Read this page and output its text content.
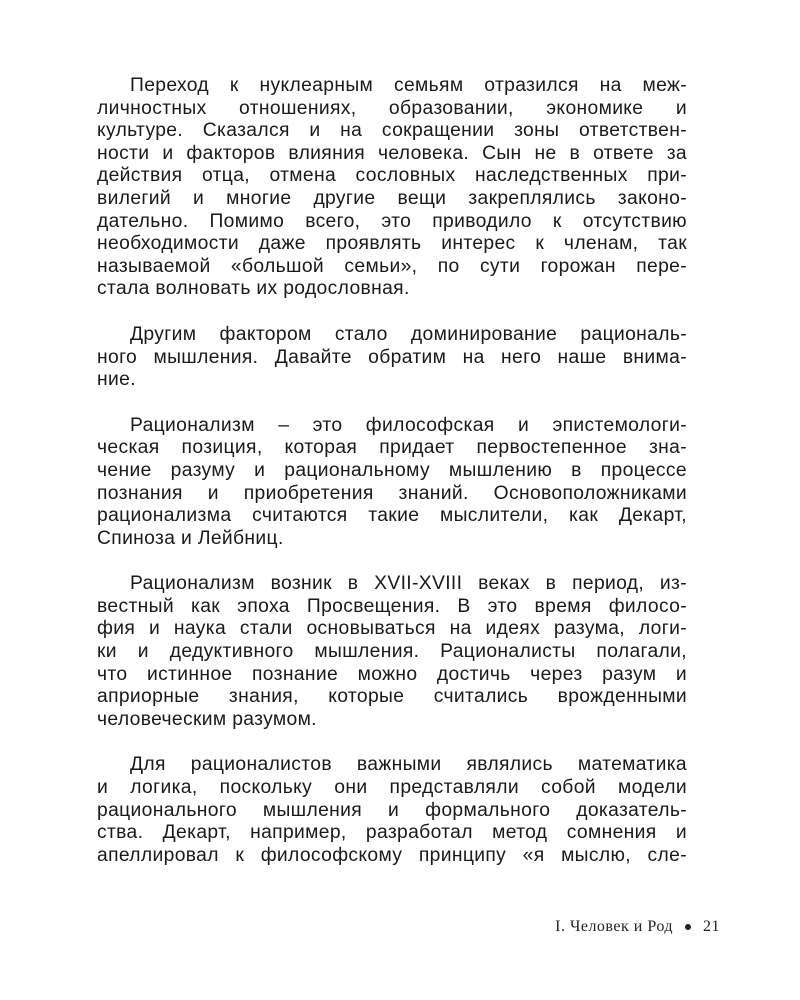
Переход к нуклеарным семьям отразился на меж-
личностных отношениях, образовании, экономике и
культуре. Сказался и на сокращении зоны ответствен-
ности и факторов влияния человека. Сын не в ответе за
действия отца, отмена сословных наследственных при-
вилегий и многие другие вещи закреплялись законо-
дательно. Помимо всего, это приводило к отсутствию
необходимости даже проявлять интерес к членам, так
называемой «большой семьи», по сути горожан пере-
стала волновать их родословная.
Другим фактором стало доминирование рациональ-
ного мышления. Давайте обратим на него наше внима-
ние.
Рационализм – это философская и эпистемологи-
ческая позиция, которая придает первостепенное зна-
чение разуму и рациональному мышлению в процессе
познания и приобретения знаний. Основоположниками
рационализма считаются такие мыслители, как Декарт,
Спиноза и Лейбниц.
Рационализм возник в XVII-XVIII веках в период, из-
вестный как эпоха Просвещения. В это время филосо-
фия и наука стали основываться на идеях разума, логи-
ки и дедуктивного мышления. Рационалисты полагали,
что истинное познание можно достичь через разум и
априорные знания, которые считались врожденными
человеческим разумом.
Для рационалистов важными являлись математика
и логика, поскольку они представляли собой модели
рационального мышления и формального доказатель-
ства. Декарт, например, разработал метод сомнения и
апеллировал к философскому принципу «я мыслю, сле-
I. Человек и Род 21
